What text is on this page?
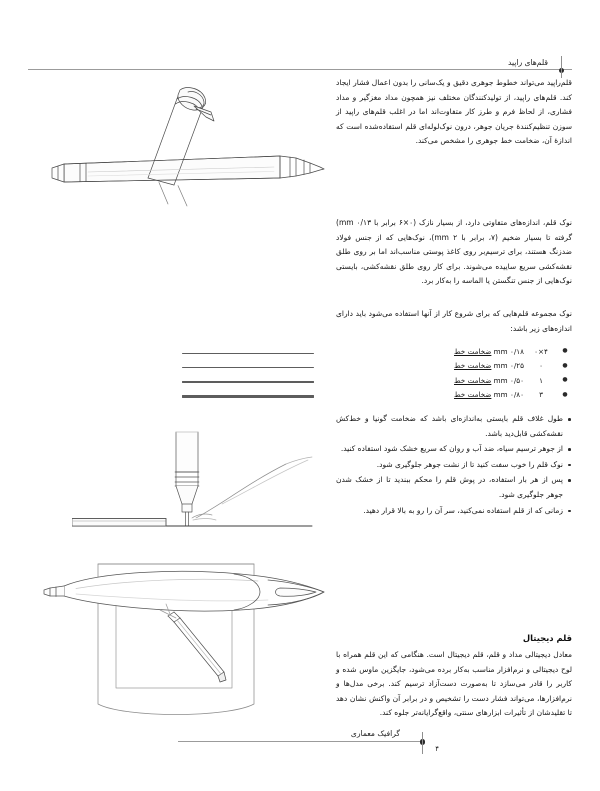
قلم‌های راپید
قلم‌راپید می‌تواند خطوط جوهری دقیق و یک‌سانی را بدون اعمال فشار ایجاد کند. قلم‌های راپید، از تولیدکنندگان مختلف نیز همچون مداد مغزگیر و مداد فشاری، از لحاظ فرم و طرز کار متفاوت‌اند اما در اغلب قلم‌های راپید از سوزن تنظیم‌کنندهٔ جریان جوهر، درون نوک‌لوله‌ای قلم استفاده‌شده است که اندازهٔ آن، ضخامت خط جوهری را مشخص می‌کند.
نوک قلم، اندازه‌های متفاوتی دارد، از بسیار نازک (۰×۶ برابر با ۰/۱۳ mm) گرفته تا بسیار ضخیم (۷، برابر با ۲ mm)، نوک‌هایی که از جنس فولاد ضدزنگ هستند، برای ترسیم‌بر روی کاغذ پوستی مناسب‌اند اما بر روی طلق نقشه‌کشی سریع ساییده می‌شوند. برای کار روی طلق نقشه‌کشی، بایستی نوک‌هایی از جنس تنگستن یا الماسه را به‌کار برد.
نوک مجموعه قلم‌هایی که برای شروع کار از آنها استفاده می‌شود باید دارای اندازه‌های زیر باشد:
●
۴×۰
۰/۱۸ mm ضخامت خط
●
۰
۰/۲۵ mm ضخامت خط
●
۱
۰/۵۰ mm ضخامت خط
●
۳
۰/۸۰ mm ضخامت خط
طول غلاف قلم بایستی به‌اندازه‌ای باشد که ضخامت گونیا و خط‌کش نقشه‌کشی قابل‌دید باشد.
از جوهر ترسیم سیاه، ضد آب و روان که سریع خشک شود استفاده کنید.
نوک قلم را خوب سفت کنید تا از نشت جوهر جلوگیری شود.
پس از هر بار استفاده، در پوش قلم را محکم ببندید تا از خشک شدن جوهر جلوگیری شود.
زمانی که از قلم استفاده نمی‌کنید، سر آن را رو به بالا قرار دهید.
قلم دیجیتال
معادل دیجیتالی مداد و قلم، قلم دیجیتال است. هنگامی که این قلم همراه با لوح دیجیتالی و نرم‌افزار مناسب به‌کار برده می‌شود، جایگزین ماوس شده و کاربر را قادر می‌سازد تا به‌صورت دست‌آزاد ترسیم کند. برخی مدل‌ها و نرم‌افزارها، می‌تواند فشار دست را تشخیص و در برابر آن واکنش نشان دهد تا تقلیدشان از تأثیرات ابزارهای سنتی، واقع‌گرایانه‌تر جلوه کند.
گرافیک معماری
۴
